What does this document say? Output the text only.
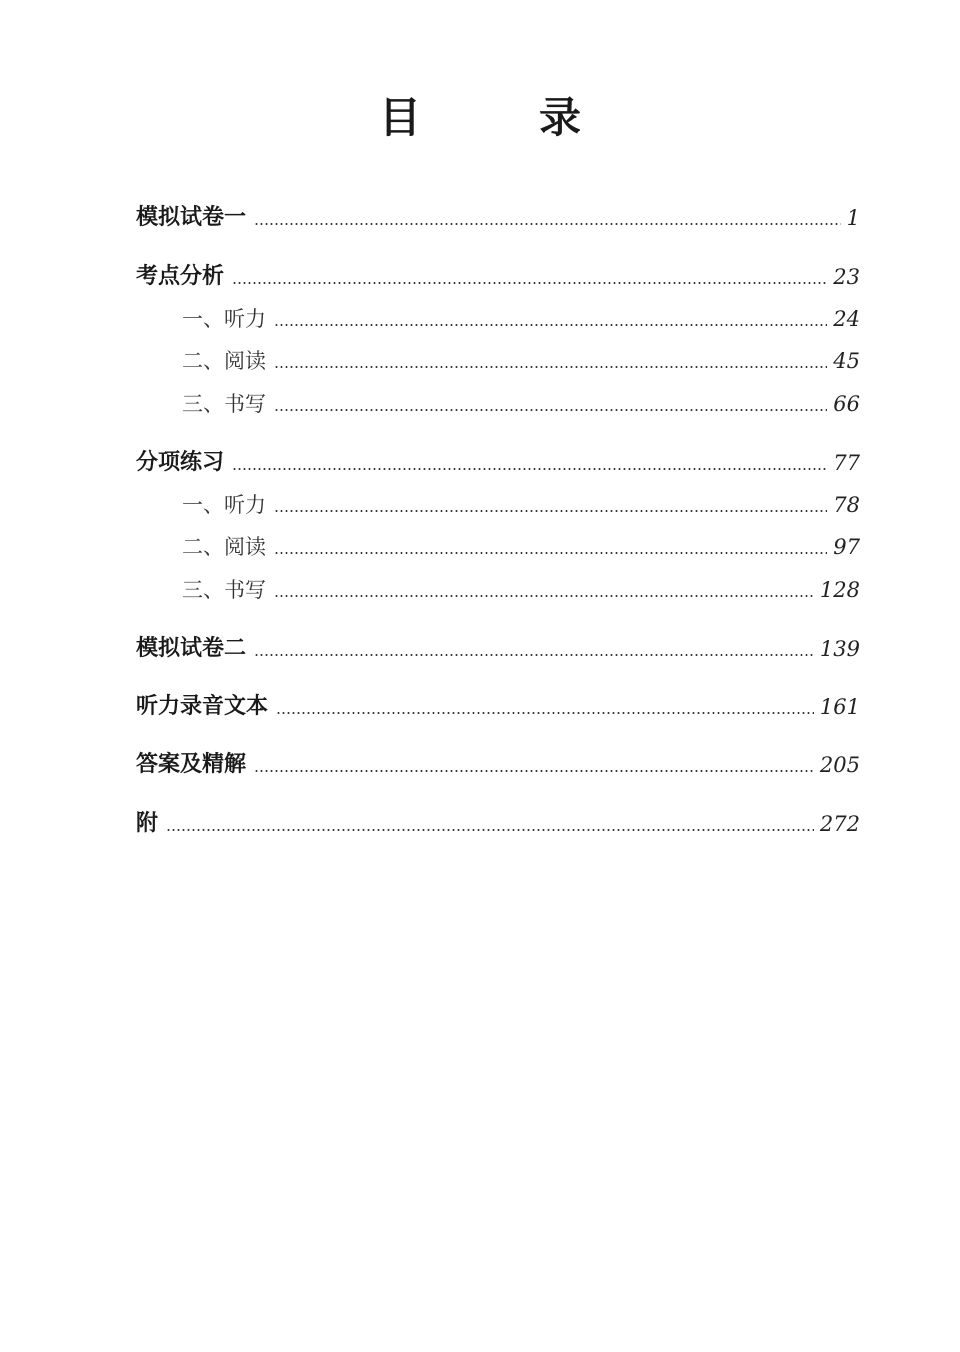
目　录
模拟试卷一	1
考点分析	23
一、听力	24
二、阅读	45
三、书写	66
分项练习	77
一、听力	78
二、阅读	97
三、书写	128
模拟试卷二	139
听力录音文本	161
答案及精解	205
附	272
